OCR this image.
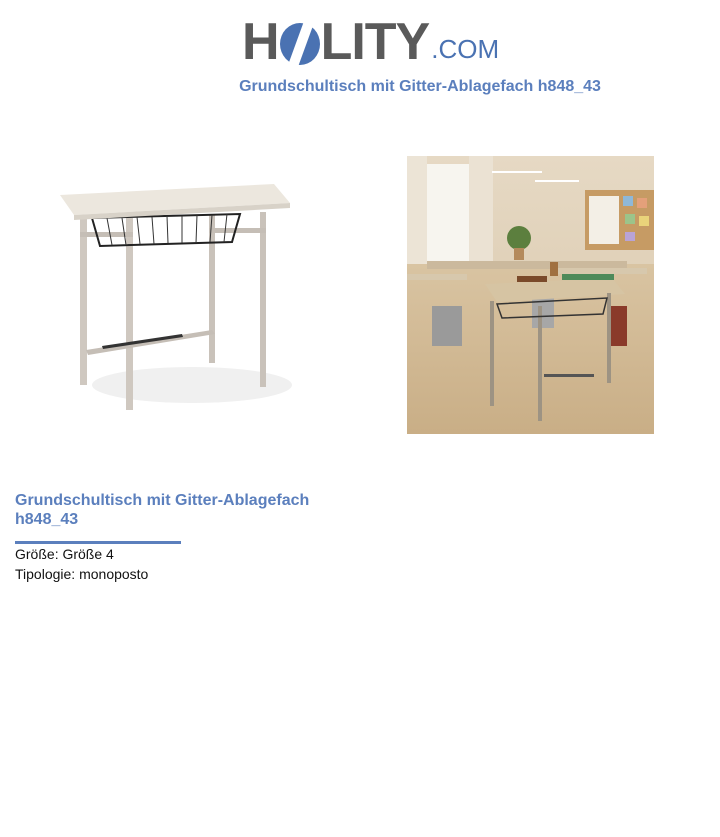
H LITY .COM
Grundschultisch mit Gitter-Ablagefach h848_43
Grundschultisch mit Gitter-Ablagefach h848_43
Größe: Größe 4
Tipologie: monoposto
